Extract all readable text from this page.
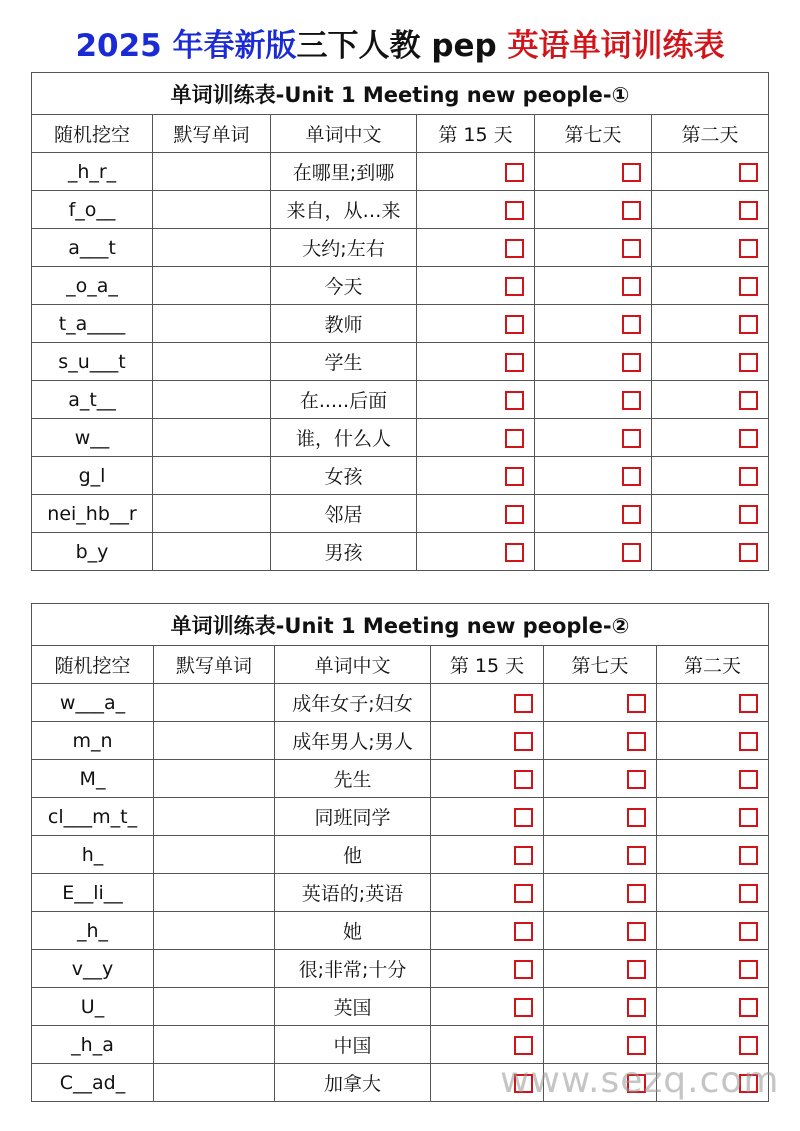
2025 年春新版三下人教 pep 英语单词训练表
单词训练表-Unit 1 Meeting new people-①					
随机挖空	默写单词	单词中文	第 15 天	第七天	第二天
_h_r_		在哪里;到哪			
f_o__		来自，从…来			
a___t		大约;左右			
_o_a_		今天			
t_a____		教师			
s_u___t		学生			
a_t__		在.....后面			
w__		谁，什么人			
g_l		女孩			
nei_hb__r		邻居			
b_y		男孩			
单词训练表-Unit 1 Meeting new people-②					
随机挖空	默写单词	单词中文	第 15 天	第七天	第二天
w___a_		成年女子;妇女			
m_n		成年男人;男人			
M_		先生			
cl___m_t_		同班同学			
h_		他			
E__li__		英语的;英语			
_h_		她			
v__y		很;非常;十分			
U_		英国			
_h_a		中国			
C__ad_		加拿大				www.sezq.com
